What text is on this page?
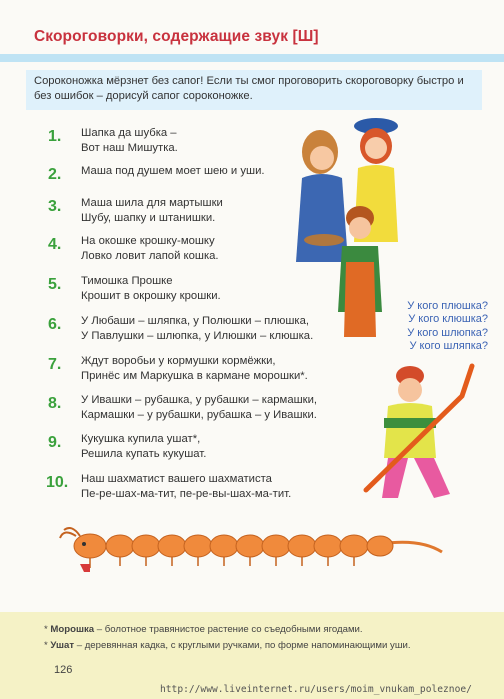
Скороговорки, содержащие звук [Ш]
Сороконожка мёрзнет без сапог! Если ты смог проговорить скороговорку быстро и без ошибок – дорисуй сапог сороконожке.
1.	Шапка да шубка –
Вот наш Мишутка.
2.	Маша под душем моет шею и уши.
3.	Маша шила для мартышки
Шубу, шапку и штанишки.
4.	На окошке крошку-мошку
Ловко ловит лапой кошка.
5.	Тимошка Прошке
Крошит в окрошку крошки.
6.	У Любаши – шляпка, у Полюшки – плюшка,
У Павлушки – шлюпка, у Илюшки – клюшка.
7.	Ждут воробьи у кормушки кормёжки,
Принёс им Маркушка в кармане морошки*.
8.	У Ивашки – рубашка, у рубашки – кармашки,
Кармашки – у рубашки, рубашка – у Ивашки.
9.	Кукушка купила ушат*,
Решила купать кукушат.
10.	Наш шахматист вашего шахматиста
Пе-ре-шах-ма-тит, пе-ре-вы-шах-ма-тит.
У кого плюшка?
У кого клюшка?
У кого шлюпка?
У кого шляпка?
* Морошка – болотное травянистое растение со съедобными ягодами.
* Ушат – деревянная кадка, с круглыми ручками, по форме напоминающими уши.
126
http://www.liveinternet.ru/users/moim_vnukam_poleznoe/
